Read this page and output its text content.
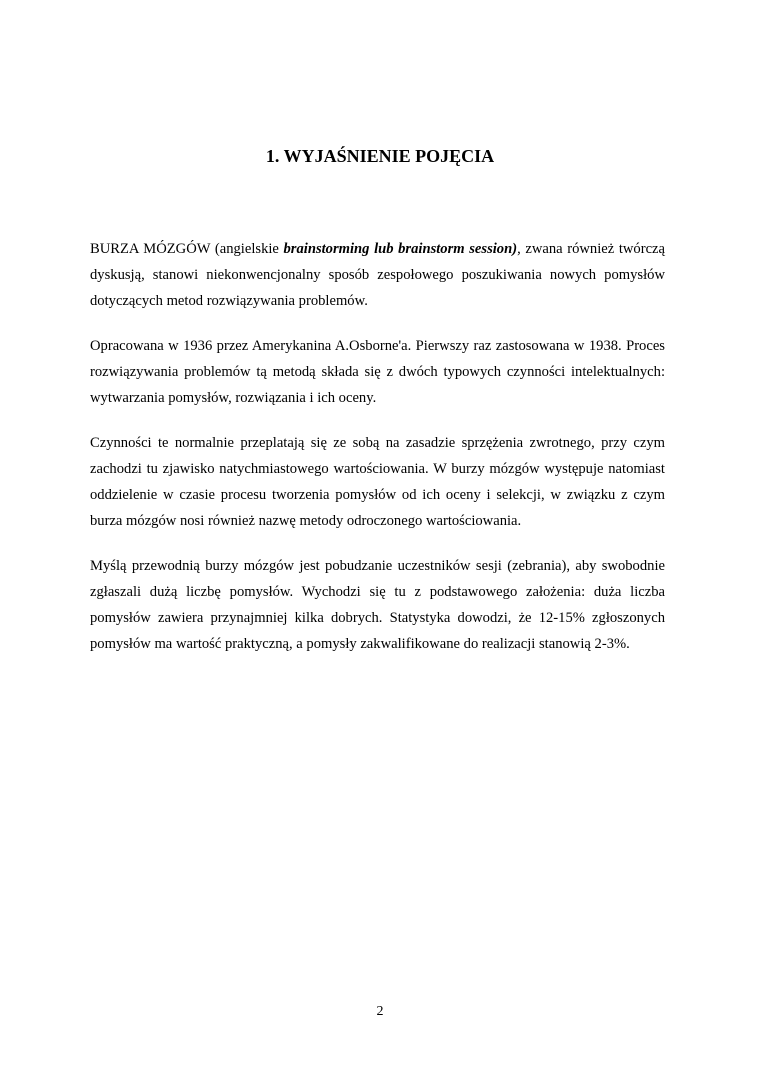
1. WYJAŚNIENIE POJĘCIA

BURZA MÓZGÓW (angielskie brainstorming lub brainstorm session), zwana również twórczą dyskusją, stanowi niekonwencjonalny sposób zespołowego poszukiwania nowych pomysłów dotyczących metod rozwiązywania problemów.

Opracowana w 1936 przez Amerykanina A.Osborne'a. Pierwszy raz zastosowana w 1938. Proces rozwiązywania problemów tą metodą składa się z dwóch typowych czynności intelektualnych: wytwarzania pomysłów, rozwiązania i ich oceny.

Czynności te normalnie przeplatają się ze sobą na zasadzie sprzężenia zwrotnego, przy czym zachodzi tu zjawisko natychmiastowego wartościowania. W burzy mózgów występuje natomiast oddzielenie w czasie procesu tworzenia pomysłów od ich oceny i selekcji, w związku z czym burza mózgów nosi również nazwę metody odroczonego wartościowania.

Myślą przewodnią burzy mózgów jest pobudzanie uczestników sesji (zebrania), aby swobodnie zgłaszali dużą liczbę pomysłów. Wychodzi się tu z podstawowego założenia: duża liczba pomysłów zawiera przynajmniej kilka dobrych. Statystyka dowodzi, że 12-15% zgłoszonych pomysłów ma wartość praktyczną, a pomysły zakwalifikowane do realizacji stanowią 2-3%.

2
